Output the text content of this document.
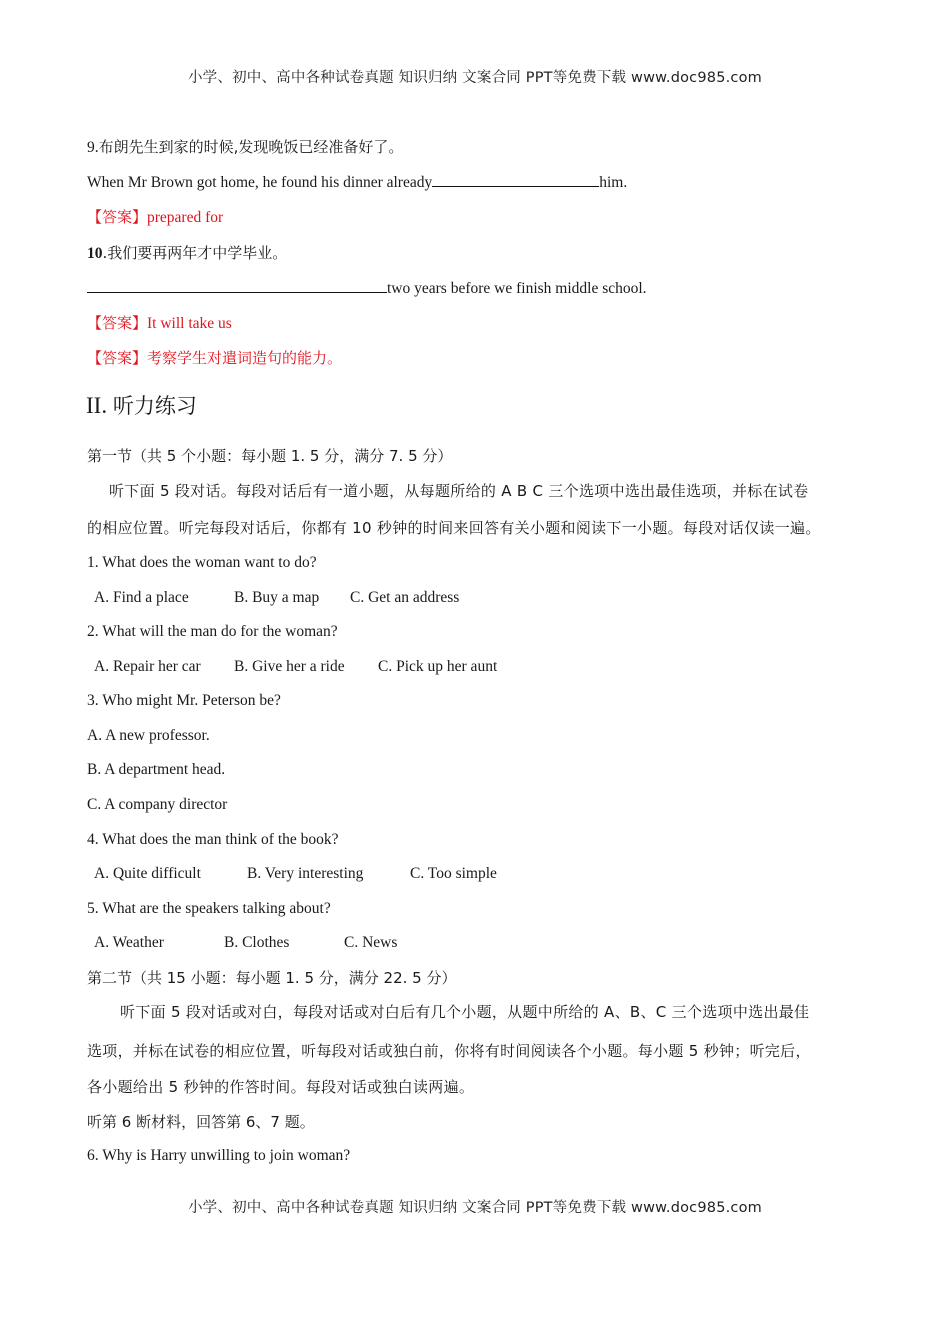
小学、初中、高中各种试卷真题 知识归纳 文案合同 PPT等免费下载 www.doc985.com
9.布朗先生到家的时候,发现晚饭已经准备好了。
When Mr Brown got home, he found his dinner already	him.
【答案】prepared for
10.我们要再两年才中学毕业。
two years before we finish middle school.
【答案】It will take us
【答案】考察学生对遣词造句的能力。
II. 听力练习
第一节（共 5 个小题：每小题 1. 5 分，满分 7. 5 分）
听下面 5 段对话。每段对话后有一道小题，从每题所给的 A B C 三个选项中选出最佳选项，并标在试卷
的相应位置。听完每段对话后，你都有 10 秒钟的时间来回答有关小题和阅读下一小题。每段对话仅读一遍。
1. What does the woman want to do?
A. Find a place	B. Buy a map C. Get an address
2. What will the man do for the woman?
A. Repair her car B. Give her a ride C. Pick up her aunt
3. Who might Mr. Peterson be?
A. A new professor.
B. A department head.
C. A company director
4. What does the man think of the book?
A. Quite difficult	B. Very interesting	C. Too simple
5. What are the speakers talking about?
A. Weather	B. Clothes	C. News
第二节（共 15 小题：每小题 1. 5 分，满分 22. 5 分）
听下面 5 段对话或对白，每段对话或对白后有几个小题，从题中所给的 A、B、C 三个选项中选出最佳
选项，并标在试卷的相应位置，听每段对话或独白前，你将有时间阅读各个小题。每小题 5 秒钟；听完后，
各小题给出 5 秒钟的作答时间。每段对话或独白读两遍。
听第 6 断材料，回答第 6、7 题。
6. Why is Harry unwilling to join woman?
小学、初中、高中各种试卷真题 知识归纳 文案合同 PPT等免费下载 www.doc985.com
